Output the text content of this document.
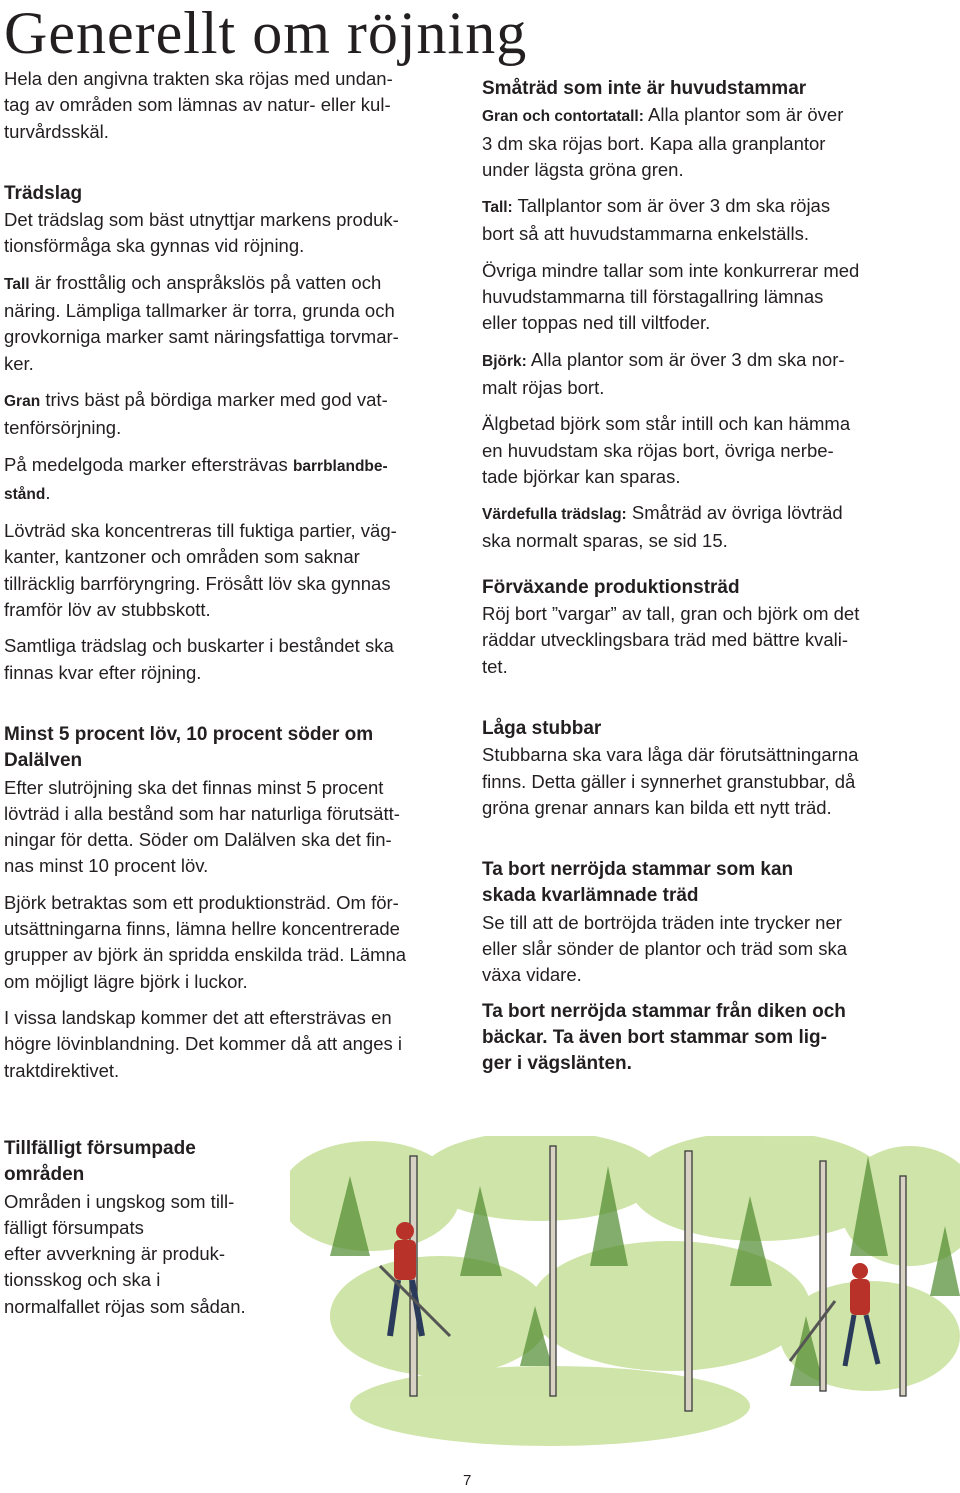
Generellt om röjning

Hela den angivna trakten ska röjas med undan-
tag av områden som lämnas av natur- eller kul-
turvårdsskäl.

Trädslag

Det trädslag som bäst utnyttjar markens produk-
tionsförmåga ska gynnas vid röjning.

Tall är frosttålig och anspråkslös på vatten och
näring. Lämpliga tallmarker är torra, grunda och
grovkorniga marker samt näringsfattiga torvmar-
ker.

Gran trivs bäst på bördiga marker med god vat-
tenförsörjning.

På medelgoda marker eftersträvas barrblandbe-
stånd.

Lövträd ska koncentreras till fuktiga partier, väg-
kanter, kantzoner och områden som saknar
tillräcklig barrföryngring. Frösått löv ska gynnas
framför löv av stubbskott.

Samtliga trädslag och buskarter i beståndet ska
finnas kvar efter röjning.

Minst 5 procent löv, 10 procent söder om
Dalälven

Efter slutröjning ska det finnas minst 5 procent
lövträd i alla bestånd som har naturliga förutsätt-
ningar för detta. Söder om Dalälven ska det fin-
nas minst 10 procent löv.

Björk betraktas som ett produktionsträd. Om för-
utsättningarna finns, lämna hellre koncentrerade
grupper av björk än spridda enskilda träd. Lämna
om möjligt lägre björk i luckor.

I vissa landskap kommer det att eftersträvas en
högre lövinblandning. Det kommer då att anges i
traktdirektivet.

Småträd som inte är huvudstammar

Gran och contortatall: Alla plantor som är över
3 dm ska röjas bort. Kapa alla granplantor
under lägsta gröna gren.

Tall: Tallplantor som är över 3 dm ska röjas
bort så att huvudstammarna enkelställs.

Övriga mindre tallar som inte konkurrerar med
huvudstammarna till förstagallring lämnas
eller toppas ned till viltfoder.

Björk: Alla plantor som är över 3 dm ska nor-
malt röjas bort.

Älgbetad björk som står intill och kan hämma
en huvudstam ska röjas bort, övriga nerbe-
tade björkar kan sparas.

Värdefulla trädslag: Småträd av övriga lövträd
ska normalt sparas, se sid 15.

Förväxande produktionsträd

Röj bort ”vargar” av tall, gran och björk om det
räddar utvecklingsbara träd med bättre kvali-
tet.

Låga stubbar

Stubbarna ska vara låga där förutsättningarna
finns. Detta gäller i synnerhet granstubbar, då
gröna grenar annars kan bilda ett nytt träd.

Ta bort nerröjda stammar som kan
skada kvarlämnade träd

Se till att de bortröjda träden inte trycker ner
eller slår sönder de plantor och träd som ska
växa vidare.

Ta bort nerröjda stammar från diken och
bäckar. Ta även bort stammar som lig-
ger i vägslänten.

Tillfälligt försumpade
områden

Områden i ungskog som till-
fälligt försumpats
efter avverkning är produk-
tionsskog och ska i
normalfallet röjas som sådan.

7
